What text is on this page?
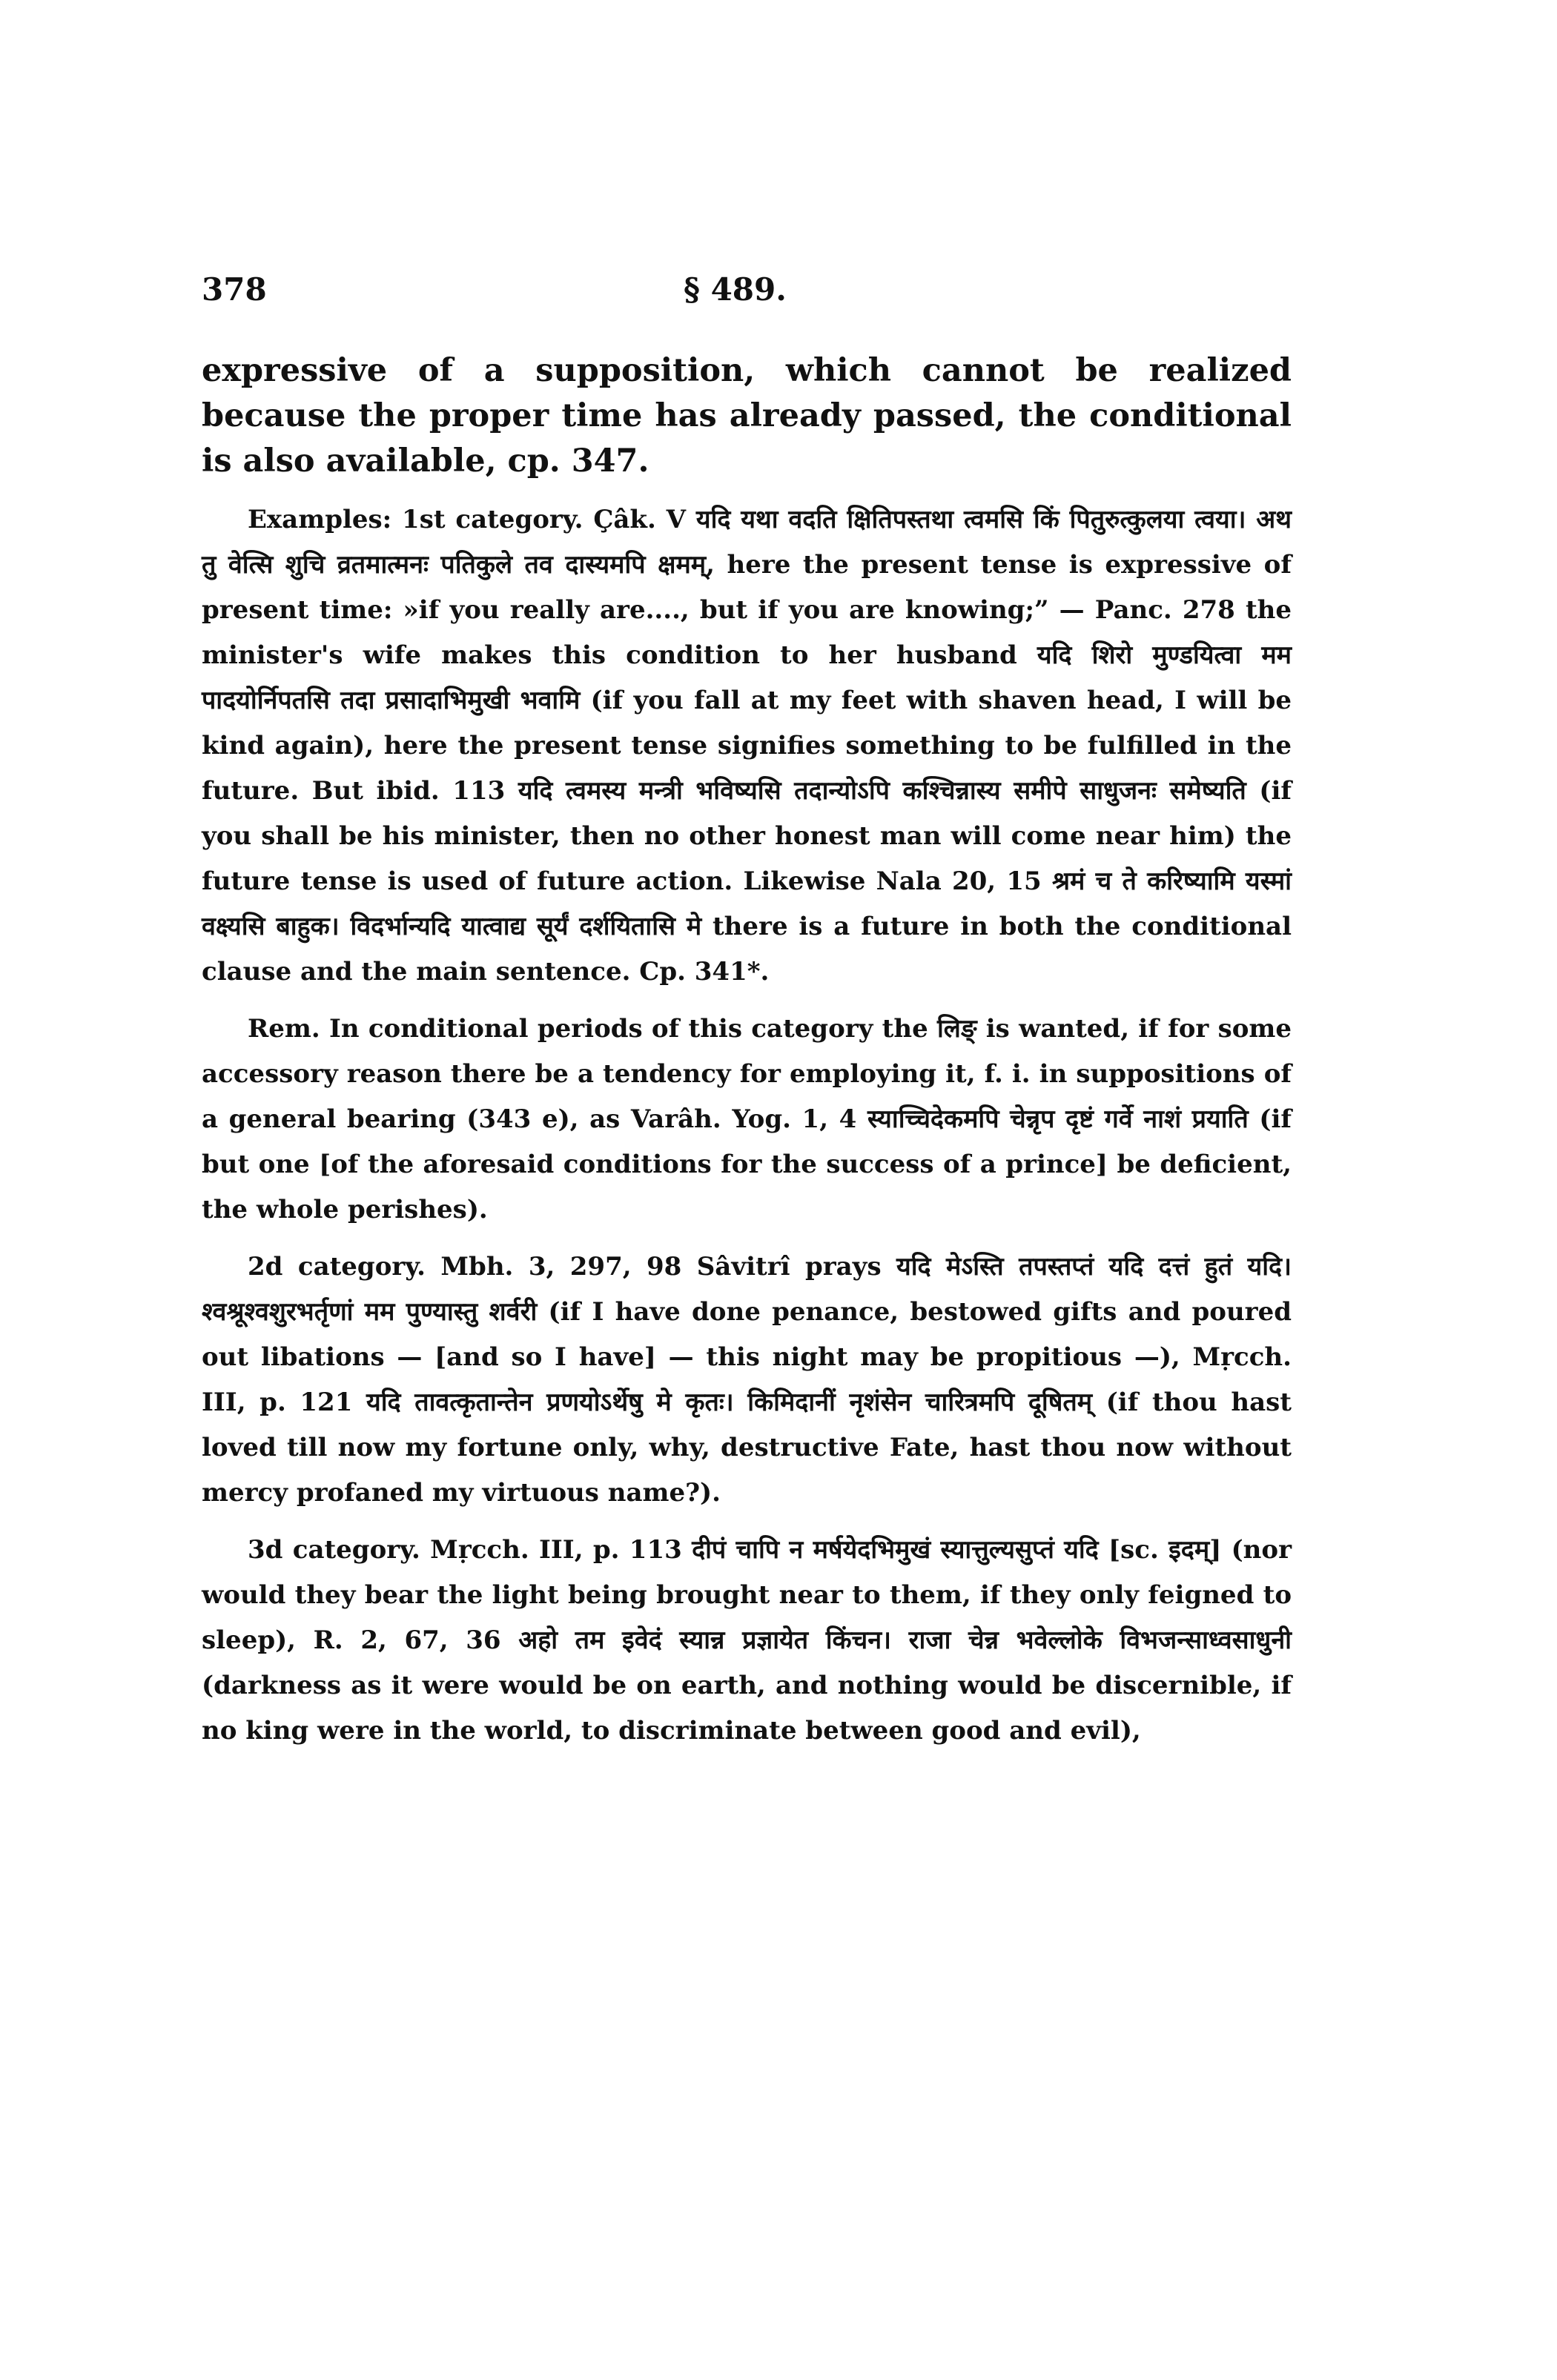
378	§ 489.

expressive of a supposition, which cannot be realized because the proper time has already passed, the conditional is also available, cp. 347.

Examples: 1st category. Çâk. V यदि यथा वदति क्षितिपस्तथा त्वमसि किं पितुरुत्कुलया त्वया। अथ तु वेत्सि शुचि व्रतमात्मनः पतिकुले तव दास्यमपि क्षमम्, here the present tense is expressive of present time: »if you really are...., but if you are knowing;” — Panc. 278 the minister's wife makes this condition to her husband यदि शिरो मुण्डयित्वा मम पादयोर्निपतसि तदा प्रसादाभिमुखी भवामि (if you fall at my feet with shaven head, I will be kind again), here the present tense signifies something to be fulfilled in the future. But ibid. 113 यदि त्वमस्य मन्त्री भविष्यसि तदान्योऽपि कश्चिन्नास्य समीपे साधुजनः समेष्यति (if you shall be his minister, then no other honest man will come near him) the future tense is used of future action. Likewise Nala 20, 15 श्रमं च ते करिष्यामि यस्मां वक्ष्यसि बाहुक। विदर्भान्यदि यात्वाद्य सूर्यं दर्शयितासि मे there is a future in both the conditional clause and the main sentence. Cp. 341*.

Rem. In conditional periods of this category the लिङ् is wanted, if for some accessory reason there be a tendency for employing it, f. i. in suppositions of a general bearing (343 e), as Varâh. Yog. 1, 4 स्याच्चिदेकमपि चेन्नृप दृष्टं गर्वे नाशं प्रयाति (if but one [of the aforesaid conditions for the success of a prince] be deficient, the whole perishes).

2d category. Mbh. 3, 297, 98 Sâvitrî prays यदि मेऽस्ति तपस्तप्तं यदि दत्तं हुतं यदि। श्वश्रूश्वशुरभर्तृणां मम पुण्यास्तु शर्वरी (if I have done penance, bestowed gifts and poured out libations — [and so I have] — this night may be propitious —), Mṛcch. III, p. 121 यदि तावत्कृतान्तेन प्रणयोऽर्थेषु मे कृतः। किमिदानीं नृशंसेन चारित्रमपि दूषितम् (if thou hast loved till now my fortune only, why, destructive Fate, hast thou now without mercy profaned my virtuous name?).

3d category. Mṛcch. III, p. 113 दीपं चापि न मर्षयेदभिमुखं स्यात्तुल्यसुप्तं यदि [sc. इदम्] (nor would they bear the light being brought near to them, if they only feigned to sleep), R. 2, 67, 36 अहो तम इवेदं स्यान्न प्रज्ञायेत किंचन। राजा चेन्न भवेल्लोके विभजन्साध्वसाधुनी (darkness as it were would be on earth, and nothing would be discernible, if no king were in the world, to discriminate between good and evil),
